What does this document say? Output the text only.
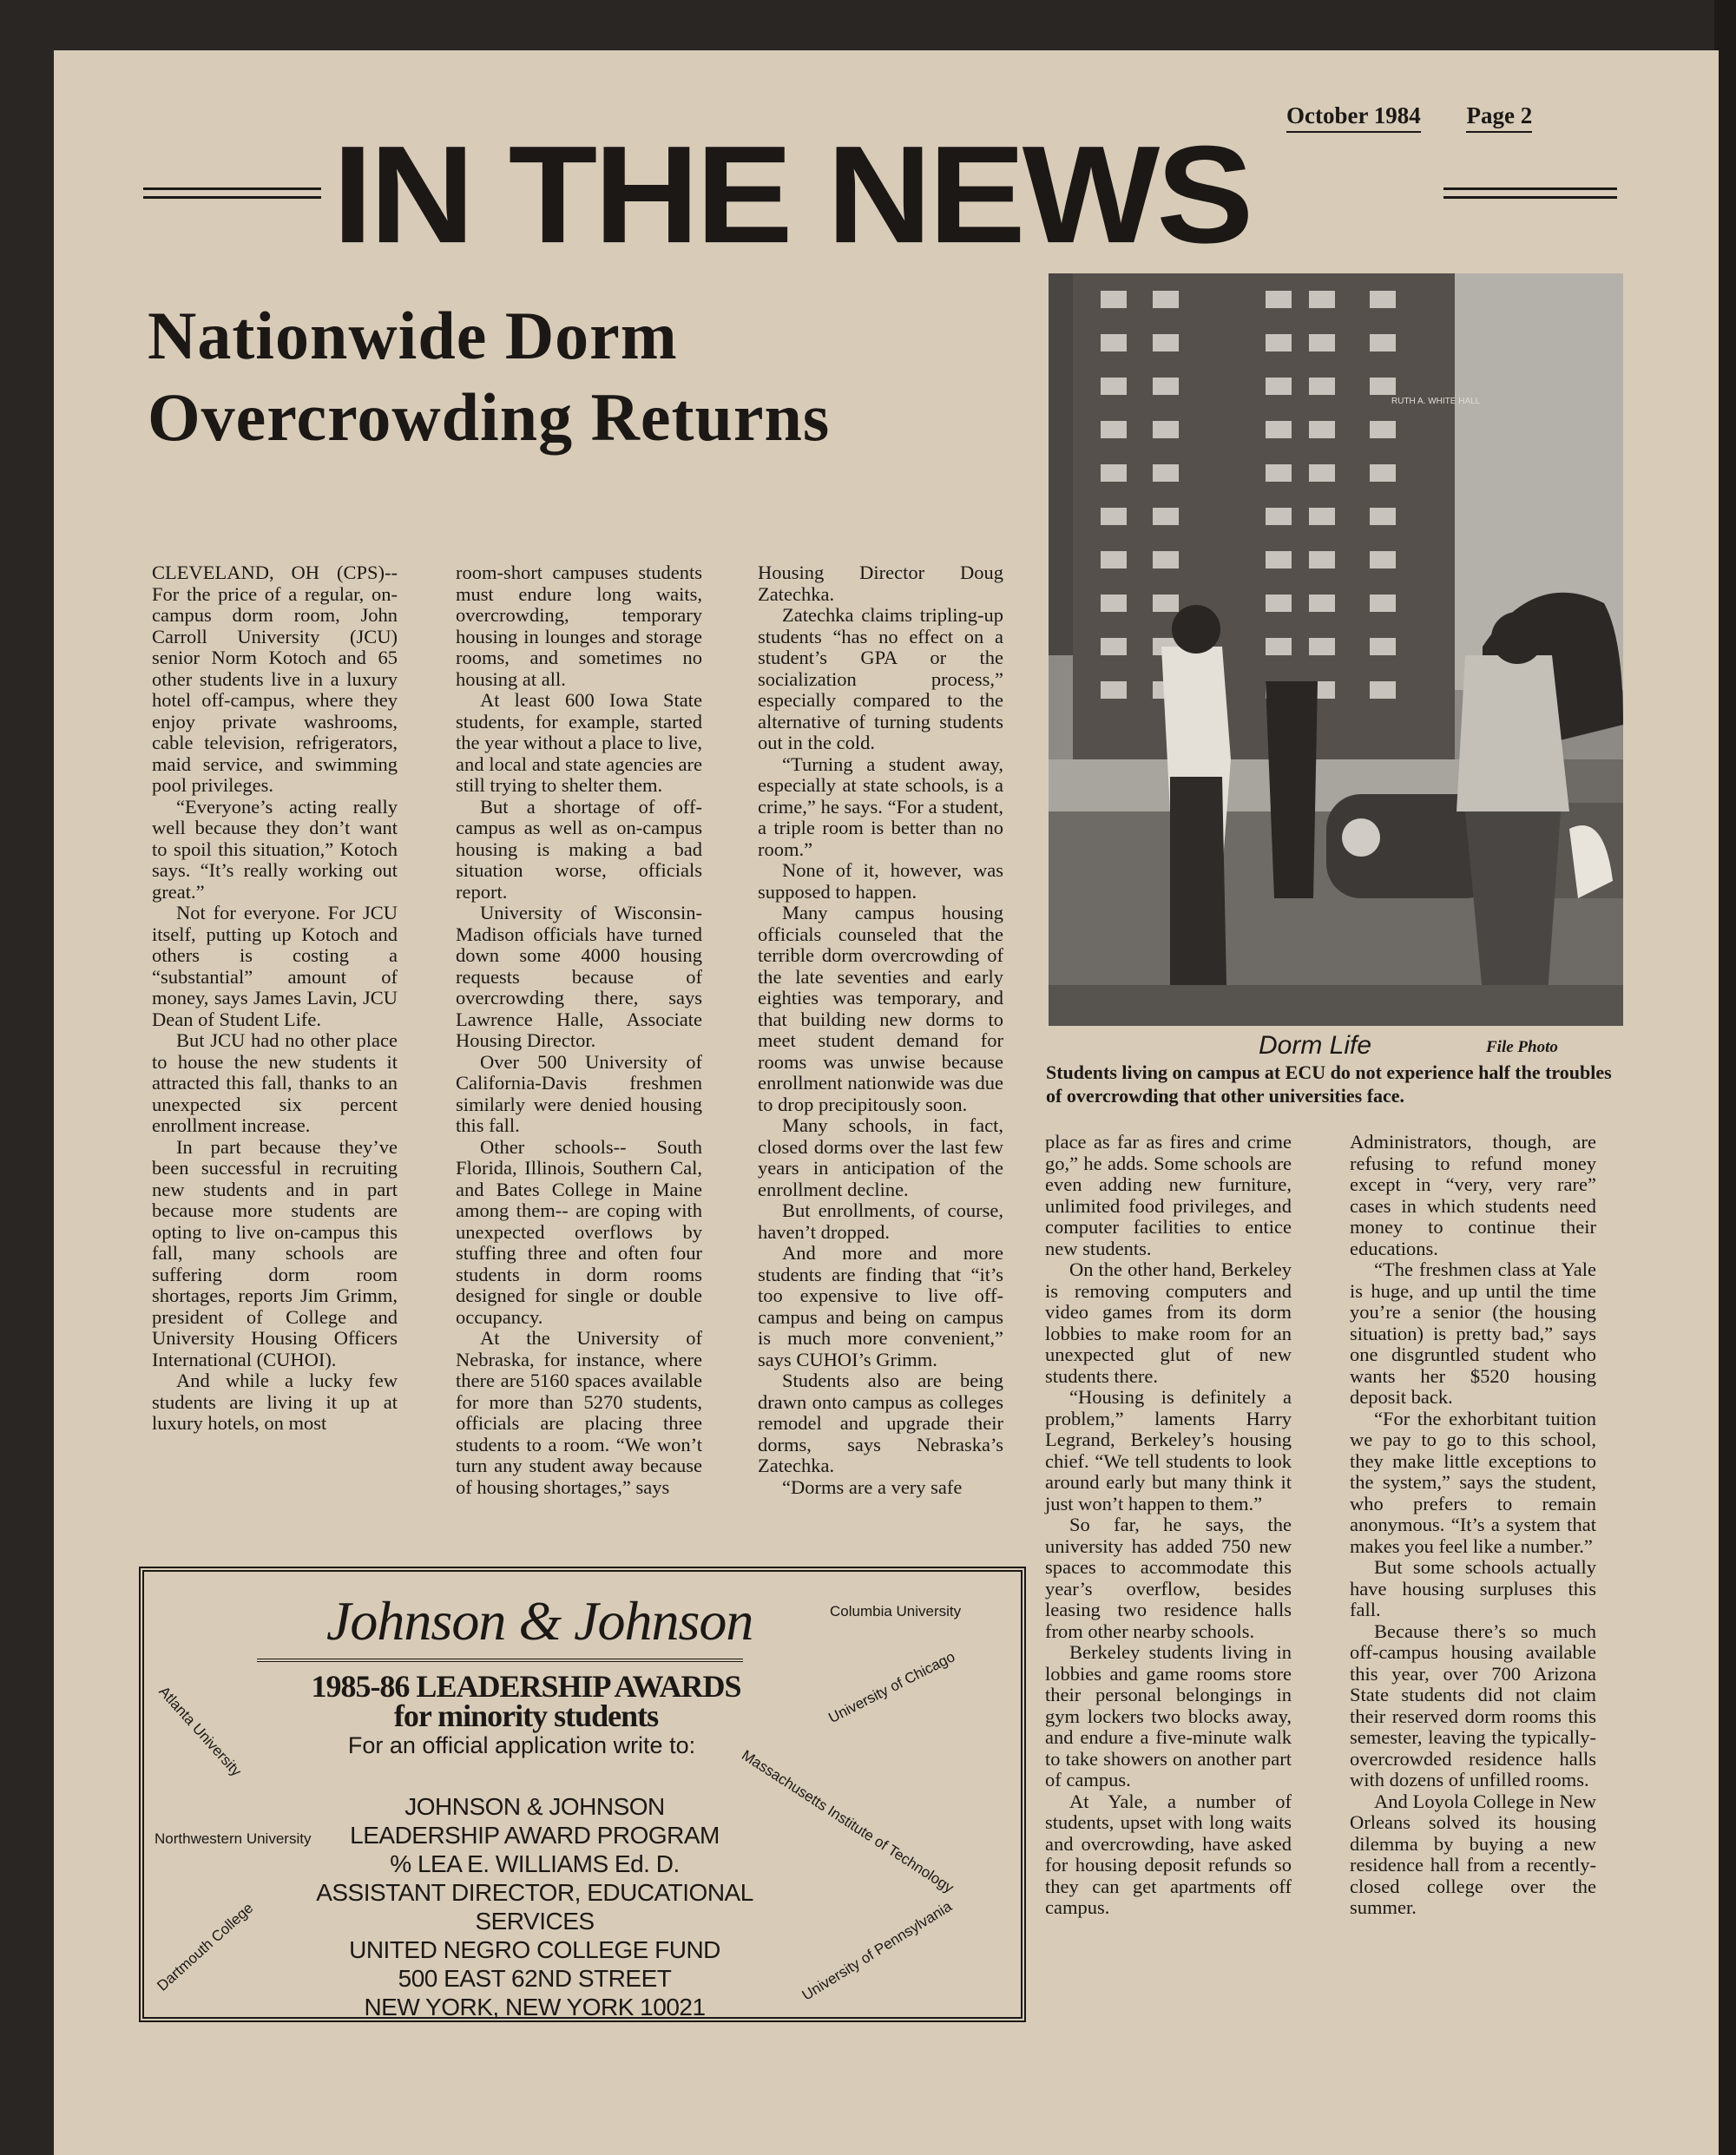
October 1984 Page 2
IN THE NEWS
Nationwide Dorm
Overcrowding Returns

CLEVELAND, OH (CPS)--For the price of a regular, on-campus dorm room, John Carroll University (JCU) senior Norm Kotoch and 65 other students live in a luxury hotel off-campus, where they enjoy private washrooms, cable television, refrigerators, maid service, and swimming pool privileges.

“Everyone’s acting really well because they don’t want to spoil this situation,” Kotoch says. “It’s really working out great.”

Not for everyone. For JCU itself, putting up Kotoch and others is costing a “substantial” amount of money, says James Lavin, JCU Dean of Student Life.

But JCU had no other place to house the new students it attracted this fall, thanks to an unexpected six percent enrollment increase.

In part because they’ve been successful in recruiting new students and in part because more students are opting to live on-campus this fall, many schools are suffering dorm room shortages, reports Jim Grimm, president of College and University Housing Officers International (CUHOI).

And while a lucky few students are living it up at luxury hotels, on most

room-short campuses students must endure long waits, overcrowding, temporary housing in lounges and storage rooms, and sometimes no housing at all.

At least 600 Iowa State students, for example, started the year without a place to live, and local and state agencies are still trying to shelter them.

But a shortage of off-campus as well as on-campus housing is making a bad situation worse, officials report.

University of Wisconsin-Madison officials have turned down some 4000 housing requests because of overcrowding there, says Lawrence Halle, Associate Housing Director.

Over 500 University of California-Davis freshmen similarly were denied housing this fall.

Other schools-- South Florida, Illinois, Southern Cal, and Bates College in Maine among them-- are coping with unexpected overflows by stuffing three and often four students in dorm rooms designed for single or double occupancy.

At the University of Nebraska, for instance, where there are 5160 spaces available for more than 5270 students, officials are placing three students to a room. “We won’t turn any student away because of housing shortages,” says

Housing Director Doug Zatechka.

Zatechka claims tripling-up students “has no effect on a student’s GPA or the socialization process,” especially compared to the alternative of turning students out in the cold.

“Turning a student away, especially at state schools, is a crime,” he says. “For a student, a triple room is better than no room.”

None of it, however, was supposed to happen.

Many campus housing officials counseled that the terrible dorm overcrowding of the late seventies and early eighties was temporary, and that building new dorms to meet student demand for rooms was unwise because enrollment nationwide was due to drop precipitously soon.

Many schools, in fact, closed dorms over the last few years in anticipation of the enrollment decline.

But enrollments, of course, haven’t dropped.

And more and more students are finding that “it’s too expensive to live off-campus and being on campus is much more convenient,” says CUHOI’s Grimm.

Students also are being drawn onto campus as colleges remodel and upgrade their dorms, says Nebraska’s Zatechka.

“Dorms are a very safe

RUTH A. WHITE HALL
Dorm Life	File Photo
Students living on campus at ECU do not experience half the troubles of overcrowding that other universities face.

place as far as fires and crime go,” he adds. Some schools are even adding new furniture, unlimited food privileges, and computer facilities to entice new students.

On the other hand, Berkeley is removing computers and video games from its dorm lobbies to make room for an unexpected glut of new students there.

“Housing is definitely a problem,” laments Harry Legrand, Berkeley’s housing chief. “We tell students to look around early but many think it just won’t happen to them.”

So far, he says, the university has added 750 new spaces to accommodate this year’s overflow, besides leasing two residence halls from other nearby schools.

Berkeley students living in lobbies and game rooms store their personal belongings in gym lockers two blocks away, and endure a five-minute walk to take showers on another part of campus.

At Yale, a number of students, upset with long waits and overcrowding, have asked for housing deposit refunds so they can get apartments off campus.

Administrators, though, are refusing to refund money except in “very, very rare” cases in which students need money to continue their educations.

“The freshmen class at Yale is huge, and up until the time you’re a senior (the housing situation) is pretty bad,” says one disgruntled student who wants her $520 housing deposit back.

“For the exhorbitant tuition we pay to go to this school, they make little exceptions to the system,” says the student, who prefers to remain anonymous. “It’s a system that makes you feel like a number.”

But some schools actually have housing surpluses this fall.

Because there’s so much off-campus housing available this year, over 700 Arizona State students did not claim their reserved dorm rooms this semester, leaving the typically-overcrowded residence halls with dozens of unfilled rooms.

And Loyola College in New Orleans solved its housing dilemma by buying a new residence hall from a recently-closed college over the summer.

Johnson & Johnson
1985-86 LEADERSHIP AWARDS
for minority students
For an official application write to:
JOHNSON & JOHNSON
LEADERSHIP AWARD PROGRAM
% LEA E. WILLIAMS Ed. D.
ASSISTANT DIRECTOR, EDUCATIONAL SERVICES
UNITED NEGRO COLLEGE FUND
500 EAST 62ND STREET
NEW YORK, NEW YORK 10021
Columbia University
University of Chicago
Massachusetts Institute of Technology
University of Pennsylvania
Atlanta University
Northwestern University
Dartmouth College
